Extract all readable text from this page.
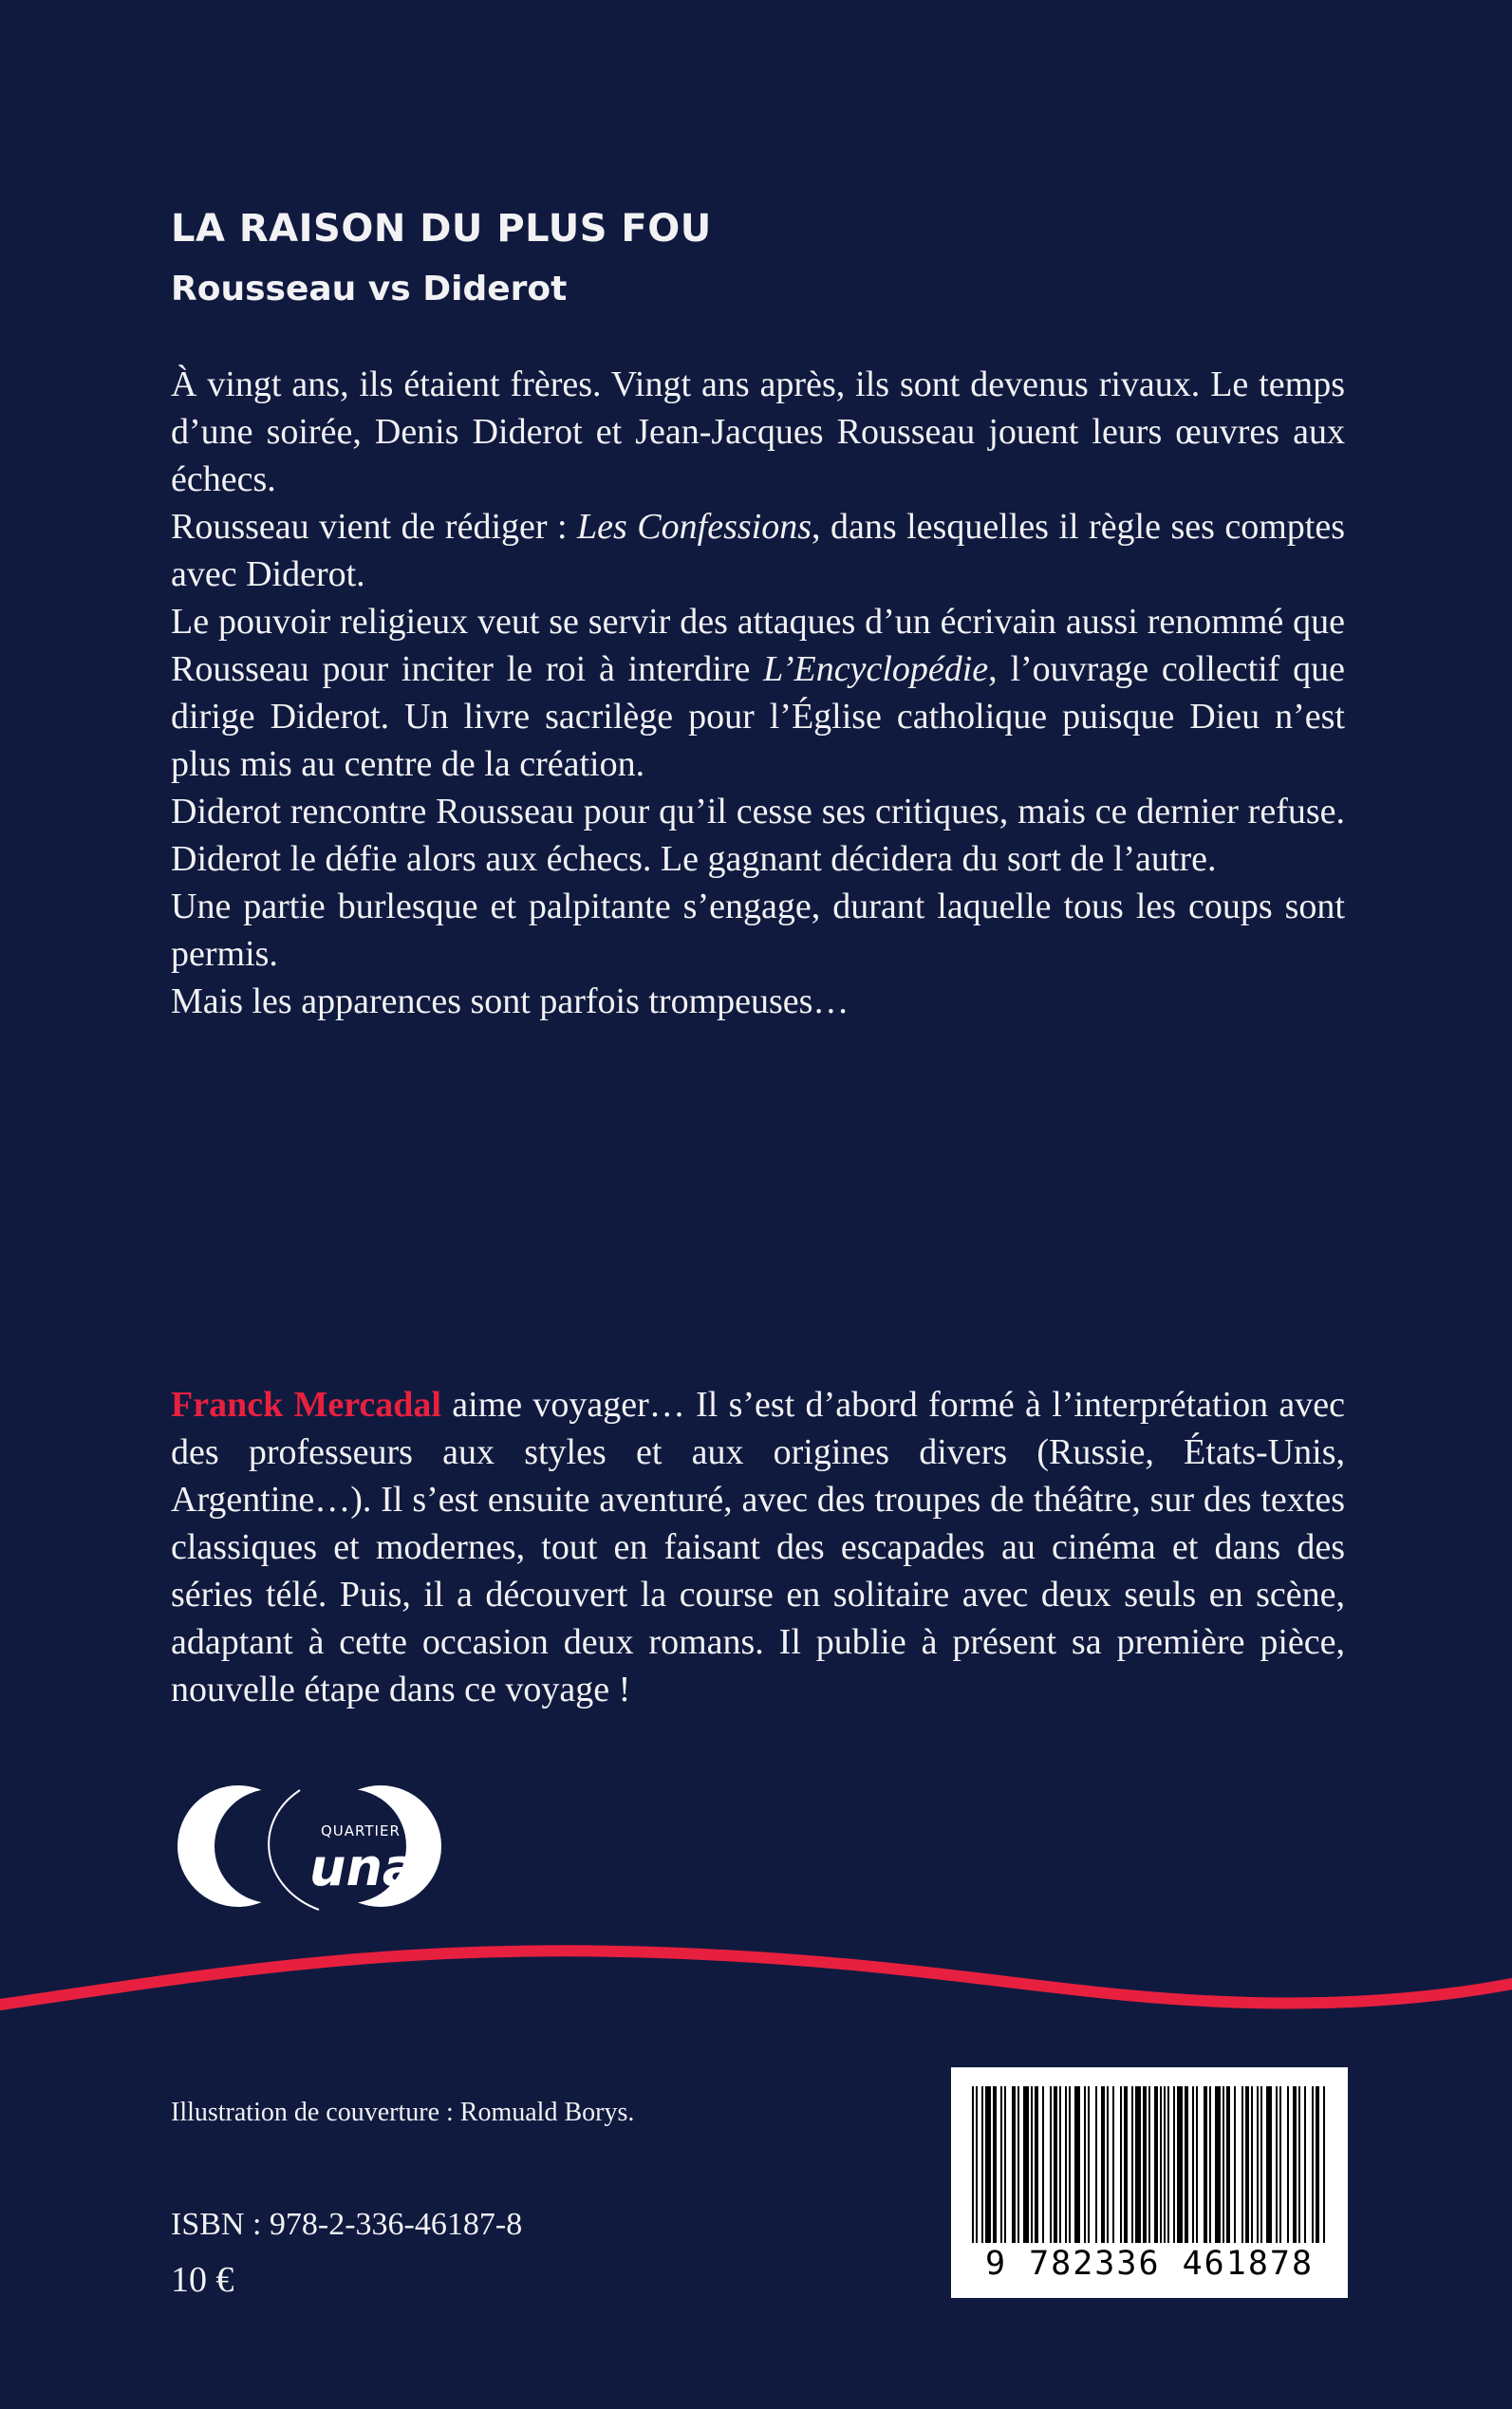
LA RAISON DU PLUS FOU
Rousseau vs Diderot

À vingt ans, ils étaient frères. Vingt ans après, ils sont devenus rivaux. Le temps d’une soirée, Denis Diderot et Jean-Jacques Rousseau jouent leurs œuvres aux échecs.

Rousseau vient de rédiger : Les Confessions, dans lesquelles il règle ses comptes avec Diderot.

Le pouvoir religieux veut se servir des attaques d’un écrivain aussi renommé que Rousseau pour inciter le roi à interdire L’Encyclopédie, l’ouvrage collectif que dirige Diderot. Un livre sacrilège pour l’Église catholique puisque Dieu n’est plus mis au centre de la création.

Diderot rencontre Rousseau pour qu’il cesse ses critiques, mais ce dernier refuse. Diderot le défie alors aux échecs. Le gagnant décidera du sort de l’autre.

Une partie burlesque et palpitante s’engage, durant laquelle tous les coups sont permis.

Mais les apparences sont parfois trompeuses…

Franck Mercadal aime voyager… Il s’est d’abord formé à l’interprétation avec des professeurs aux styles et aux origines divers (Russie, États-Unis, Argentine…). Il s’est ensuite aventuré, avec des troupes de théâtre, sur des textes classiques et modernes, tout en faisant des escapades au cinéma et dans des séries télé. Puis, il a découvert la course en solitaire avec deux seuls en scène, adaptant à cette occasion deux romans. Il publie à présent sa première pièce, nouvelle étape dans ce voyage !

QUARTIER
una

Illustration de couverture : Romuald Borys.

ISBN : 978-2-336-46187-8

10 €	9 782336 461878
